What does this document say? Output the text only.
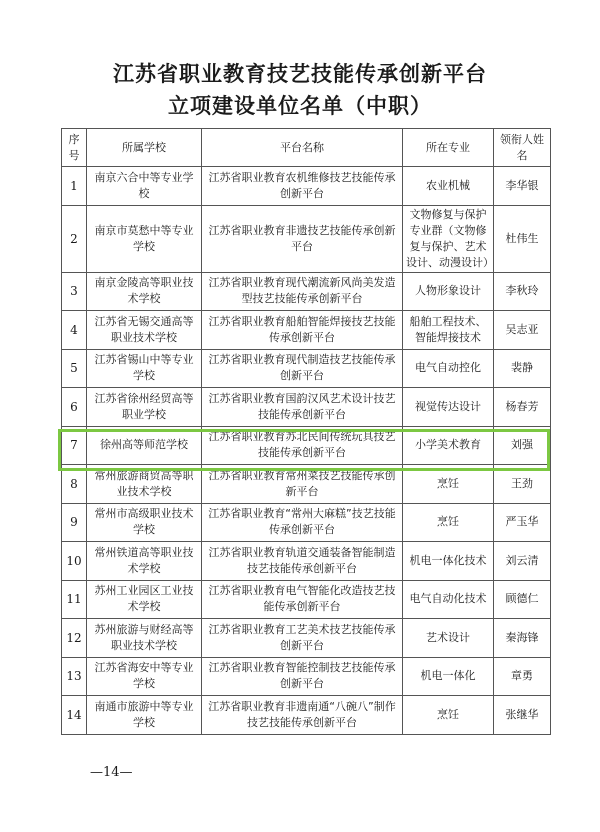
江苏省职业教育技艺技能传承创新平台
立项建设单位名单（中职）
序号	所属学校	平台名称	所在专业	领衔人姓名
1	南京六合中等专业学校	江苏省职业教育农机维修技艺技能传承创新平台	农业机械	李华银
2	南京市莫愁中等专业学校	江苏省职业教育非遗技艺技能传承创新平台	文物修复与保护专业群（文物修复与保护、艺术设计、动漫设计）	杜伟生
3	南京金陵高等职业技术学校	江苏省职业教育现代潮流新风尚美发造型技艺技能传承创新平台	人物形象设计	李秋玲
4	江苏省无锡交通高等职业技术学校	江苏省职业教育船舶智能焊接技艺技能传承创新平台	船舶工程技术、智能焊接技术	吴志亚
5	江苏省锡山中等专业学校	江苏省职业教育现代制造技艺技能传承创新平台	电气自动控化	裴静
6	江苏省徐州经贸高等职业学校	江苏省职业教育国韵汉风艺术设计技艺技能传承创新平台	视觉传达设计	杨春芳
7	徐州高等师范学校	江苏省职业教育苏北民间传统玩具技艺技能传承创新平台	小学美术教育	刘强
8	常州旅游商贸高等职业技术学校	江苏省职业教育常州菜技艺技能传承创新平台	烹饪	王劲
9	常州市高级职业技术学校	江苏省职业教育“常州大麻糕”技艺技能传承创新平台	烹饪	严玉华
10	常州铁道高等职业技术学校	江苏省职业教育轨道交通装备智能制造技艺技能传承创新平台	机电一体化技术	刘云清
11	苏州工业园区工业技术学校	江苏省职业教育电气智能化改造技艺技能传承创新平台	电气自动化技术	顾德仁
12	苏州旅游与财经高等职业技术学校	江苏省职业教育工艺美术技艺技能传承创新平台	艺术设计	秦海锋
13	江苏省海安中等专业学校	江苏省职业教育智能控制技艺技能传承创新平台	机电一体化	章勇
14	南通市旅游中等专业学校	江苏省职业教育非遗南通“八碗八”制作技艺技能传承创新平台	烹饪	张继华
—14—
